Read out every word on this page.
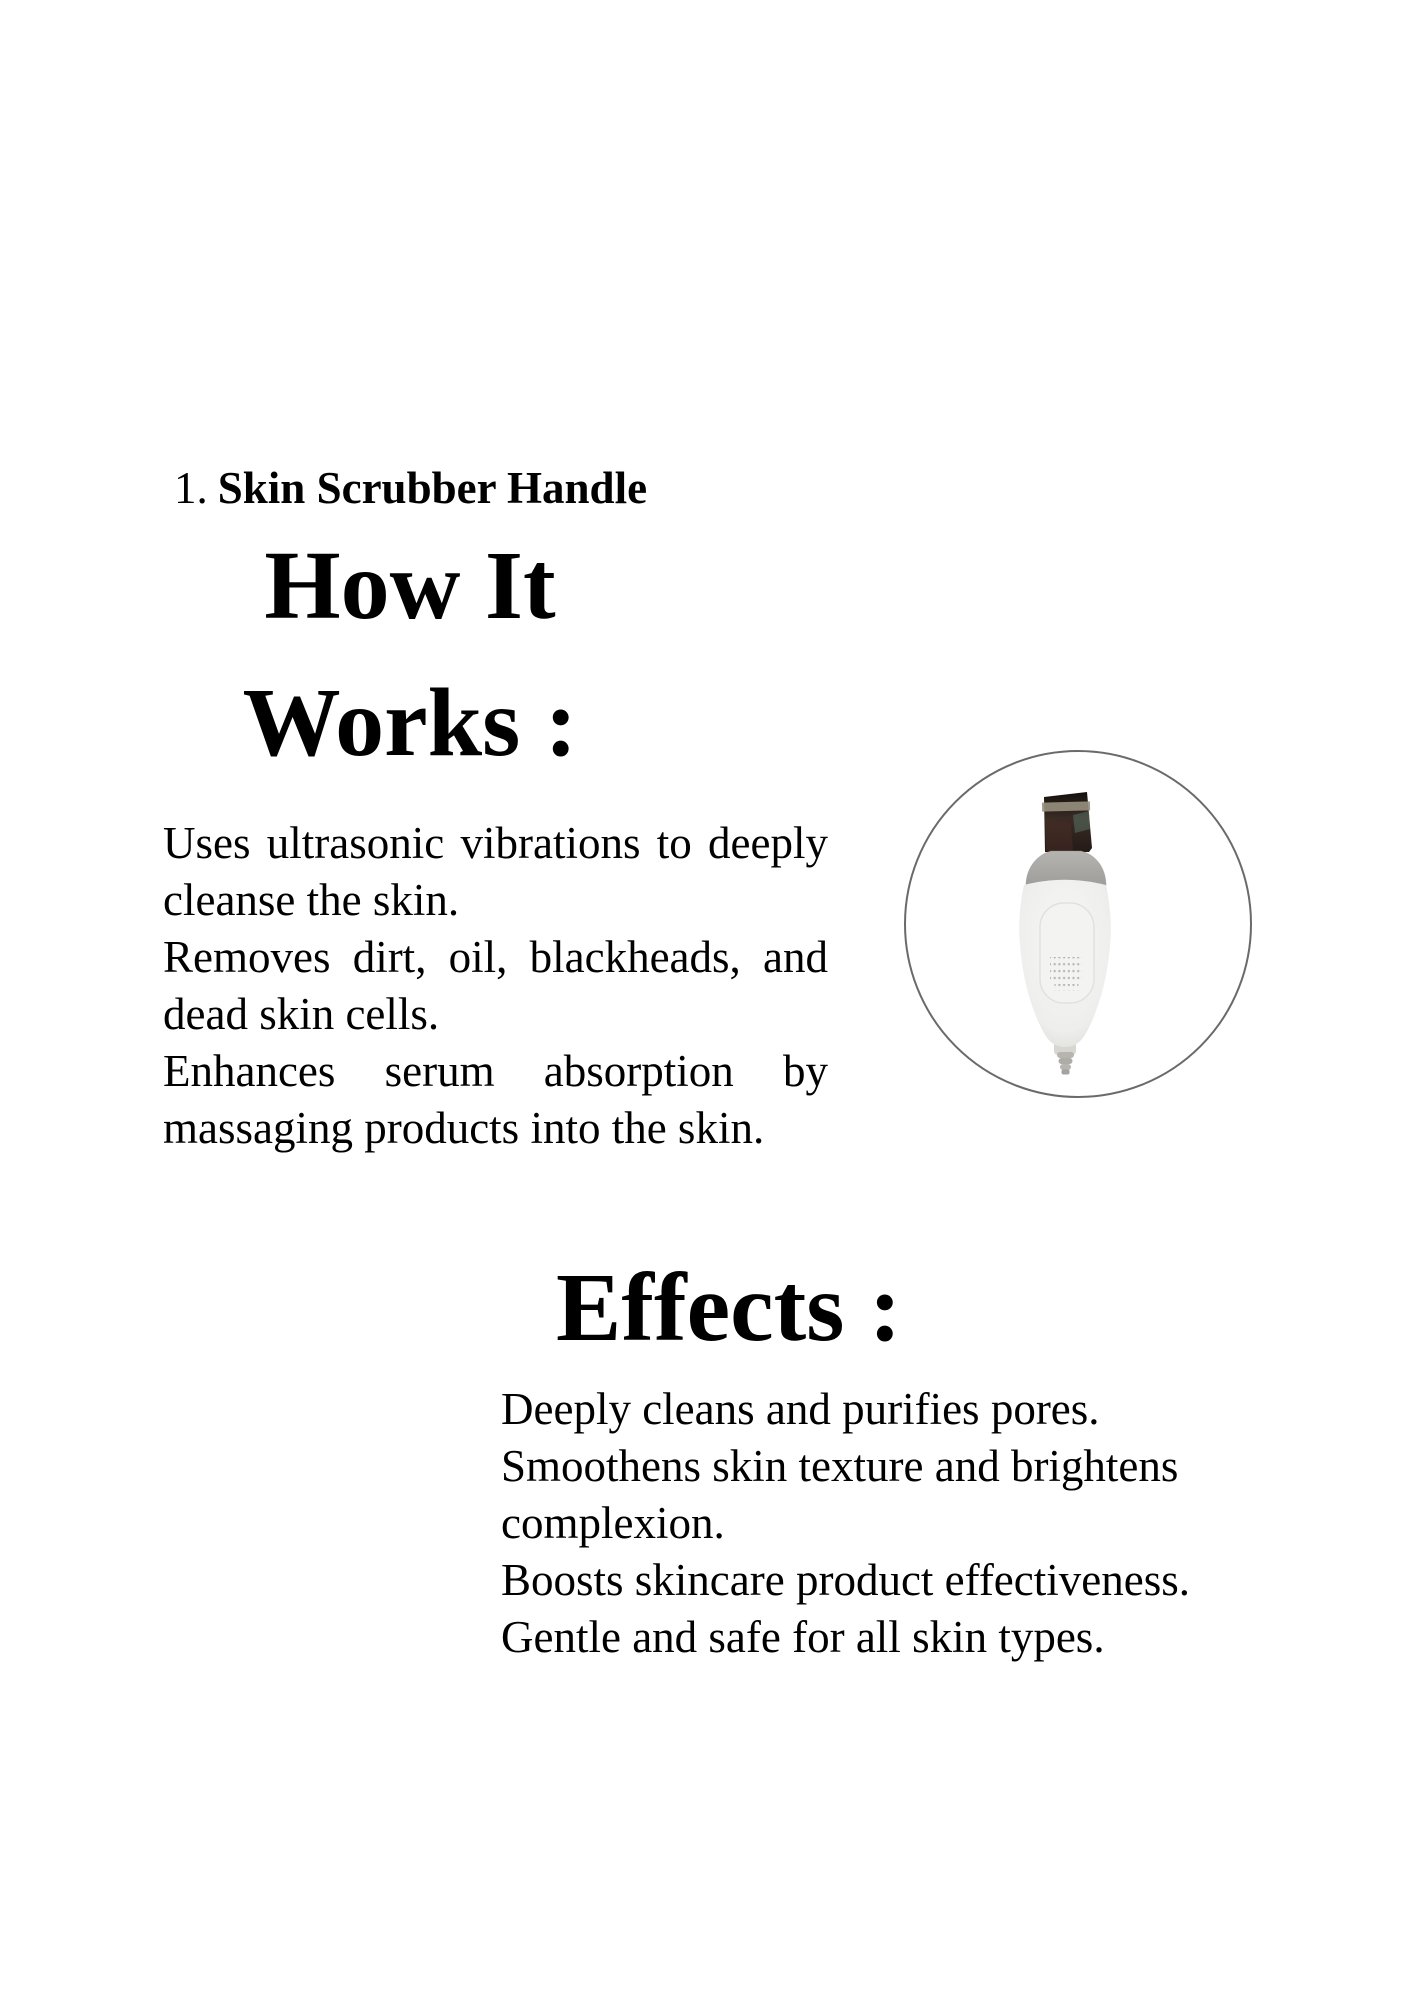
1. Skin Scrubber Handle
How It
Works :
Uses ultrasonic vibrations to deeply
cleanse the skin.
Removes dirt, oil, blackheads, and
dead skin cells.
Enhances serum absorption by
massaging products into the skin.
Effects :
Deeply cleans and purifies pores.
Smoothens skin texture and brightens
complexion.
Boosts skincare product effectiveness.
Gentle and safe for all skin types.
